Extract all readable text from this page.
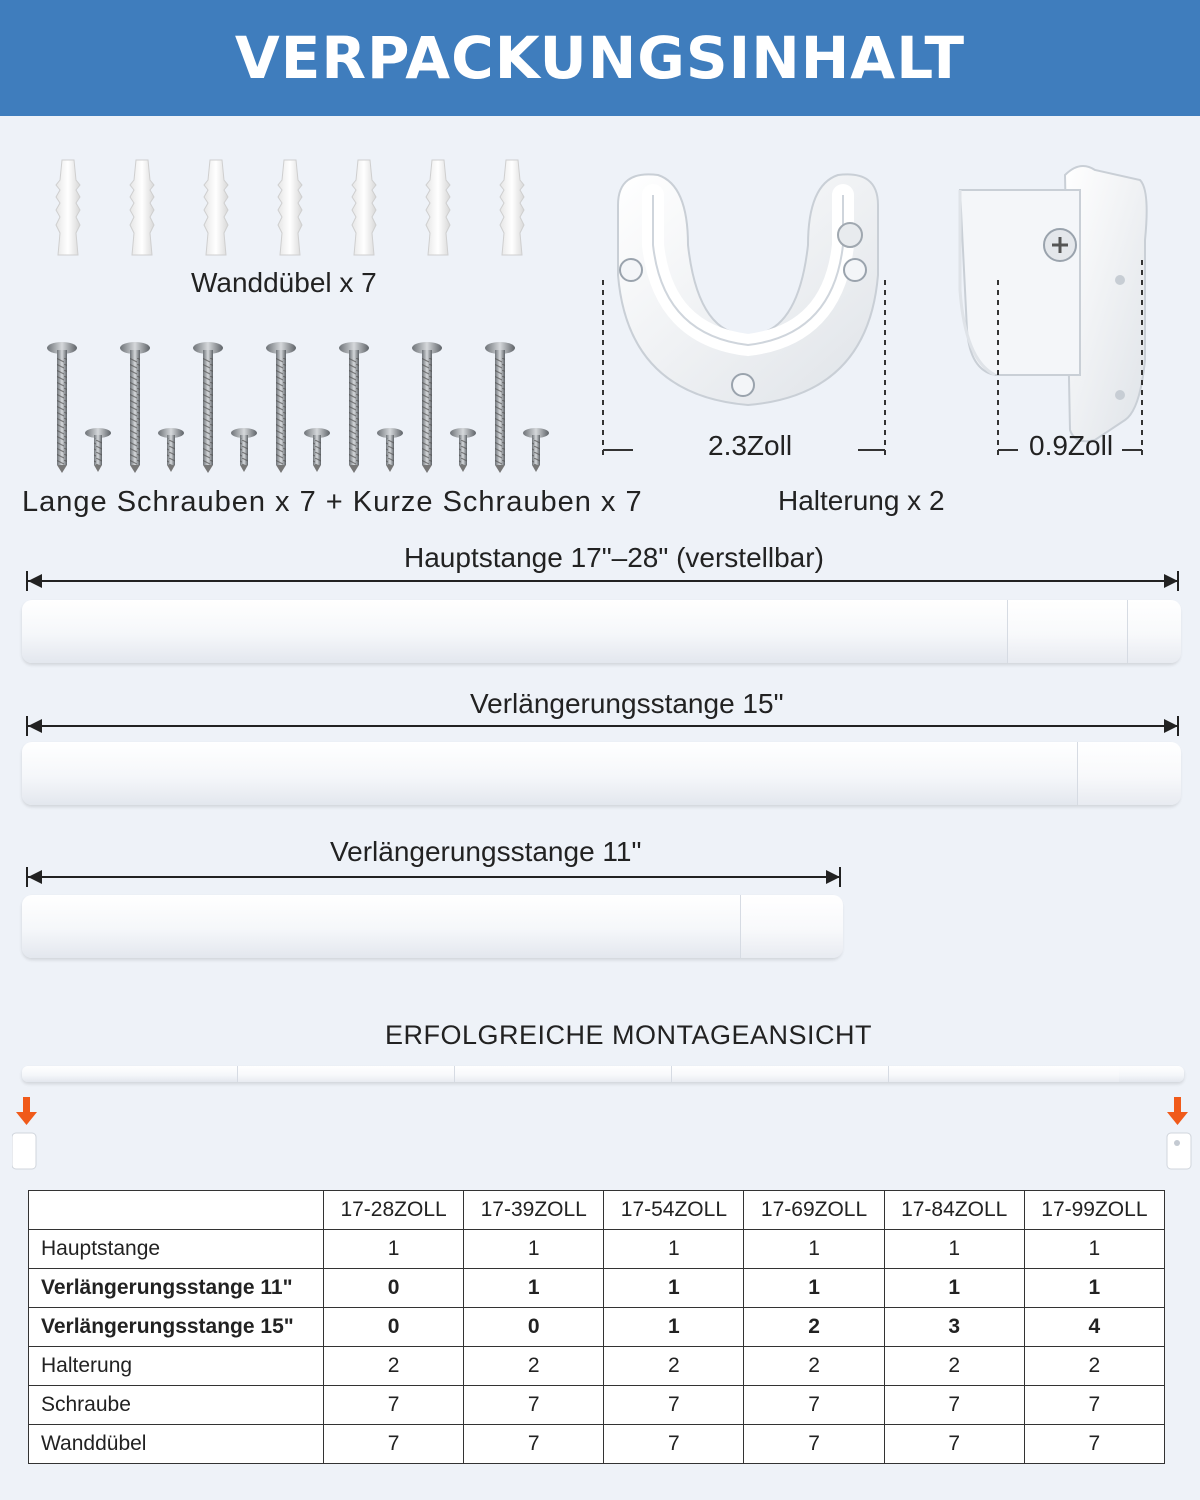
VERPACKUNGSINHALT
Wanddübel x 7
Lange Schrauben x 7 + Kurze Schrauben x 7
2.3Zoll	0.9Zoll
Halterung x 2
Hauptstange 17"–28" (verstellbar)
Verlängerungsstange 15"
Verlängerungsstange 11"
ERFOLGREICHE MONTAGEANSICHT
	17-28ZOLL	17-39ZOLL	17-54ZOLL	17-69ZOLL	17-84ZOLL	17-99ZOLL
Hauptstange	1	1	1	1	1	1
Verlängerungsstange 11"	0	1	1	1	1	1
Verlängerungsstange 15"	0	0	1	2	3	4
Halterung	2	2	2	2	2	2
Schraube	7	7	7	7	7	7
Wanddübel	7	7	7	7	7	7
